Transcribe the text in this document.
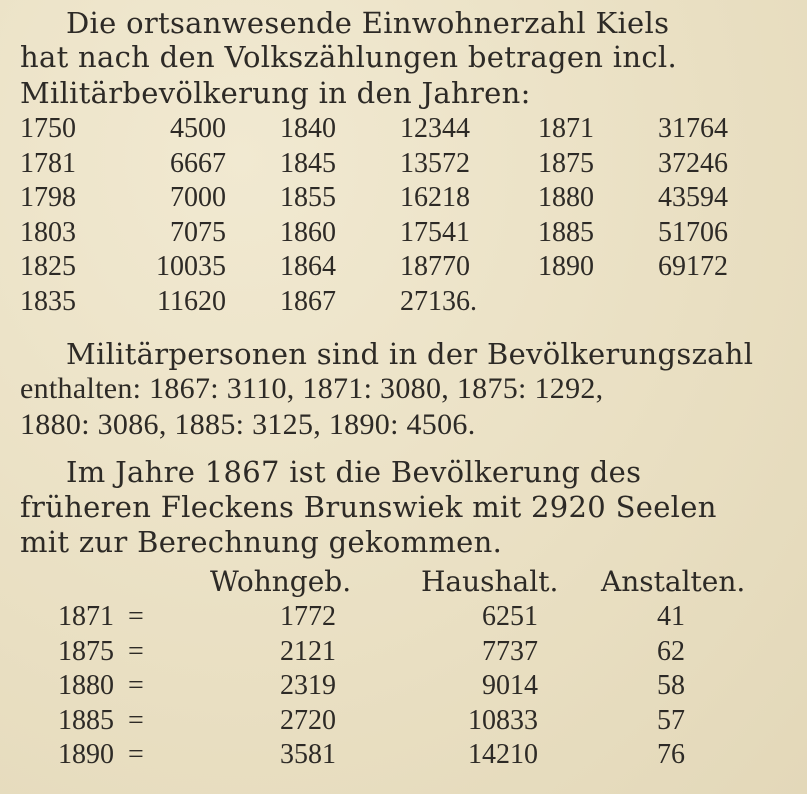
Die ortsanwesende Einwohnerzahl Kiels
hat nach den Volkszählungen betragen incl.
Militärbevölkerung in den Jahren:
1750	4500 1840 12344 1871 31764
1781	6667 1845 13572 1875 37246
1798	7000 1855 16218 1880 43594
1803	7075 1860 17541 1885 51706
1825	10035 1864 18770 1890 69172
1835	11620 1867 27136.
Militärpersonen sind in der Bevölkerungszahl
enthalten: 1867: 3110, 1871: 3080, 1875: 1292,
1880: 3086, 1885: 3125, 1890: 4506.
Im Jahre 1867 ist die Bevölkerung des
früheren Fleckens Brunswiek mit 2920 Seelen
mit zur Berechnung gekommen.
Wohngeb. Haushalt. Anstalten.
1871 =	1772	6251	41
1875 =	2121	7737	62
1880 =	2319	9014	58
1885 =	2720	10833	57
1890 =	3581	14210	76
